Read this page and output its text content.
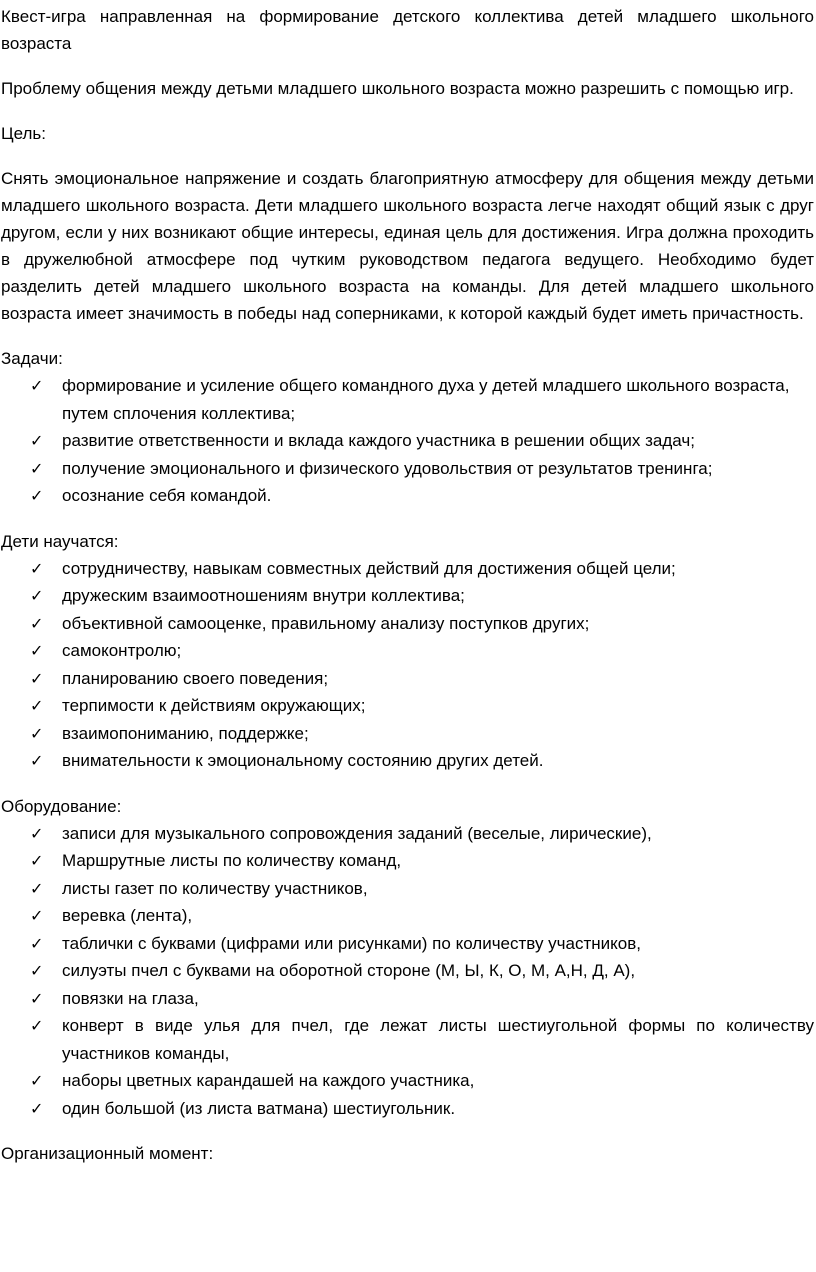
Квест-игра направленная на формирование детского коллектива детей младшего школьного возраста

Проблему общения между детьми младшего школьного возраста можно разрешить с помощью игр.

Цель:

Снять эмоциональное напряжение и создать благоприятную атмосферу для общения между детьми младшего школьного возраста. Дети младшего школьного возраста легче находят общий язык с друг другом, если у них возникают общие интересы, единая цель для достижения. Игра должна проходить в дружелюбной атмосфере под чутким руководством педагога ведущего. Необходимо будет разделить детей младшего школьного возраста на команды. Для детей младшего школьного возраста имеет значимость в победы над соперниками, к которой каждый будет иметь причастность.

Задачи:

✓ формирование и усиление общего командного духа у детей младшего школьного возраста, путем сплочения коллектива;
✓ развитие ответственности и вклада каждого участника в решении общих задач;
✓ получение эмоционального и физического удовольствия от результатов тренинга;
✓ осознание себя командой.

Дети научатся:

✓ сотрудничеству, навыкам совместных действий для достижения общей цели;
✓ дружеским взаимоотношениям внутри коллектива;
✓ объективной самооценке, правильному анализу поступков других;
✓ самоконтролю;
✓ планированию своего поведения;
✓ терпимости к действиям окружающих;
✓ взаимопониманию, поддержке;
✓ внимательности к эмоциональному состоянию других детей.

Оборудование:

✓ записи для музыкального сопровождения заданий (веселые, лирические),
✓ Маршрутные листы по количеству команд,
✓ листы газет по количеству участников,
✓ веревка (лента),
✓ таблички с буквами (цифрами или рисунками) по количеству участников,
✓ силуэты пчел с буквами на оборотной стороне (М, Ы, К, О, М, А,Н, Д, А),
✓ повязки на глаза,
✓ конверт в виде улья для пчел, где лежат листы шестиугольной формы по количеству участников команды,
✓ наборы цветных карандашей на каждого участника,
✓ один большой (из листа ватмана) шестиугольник.

Организационный момент:
